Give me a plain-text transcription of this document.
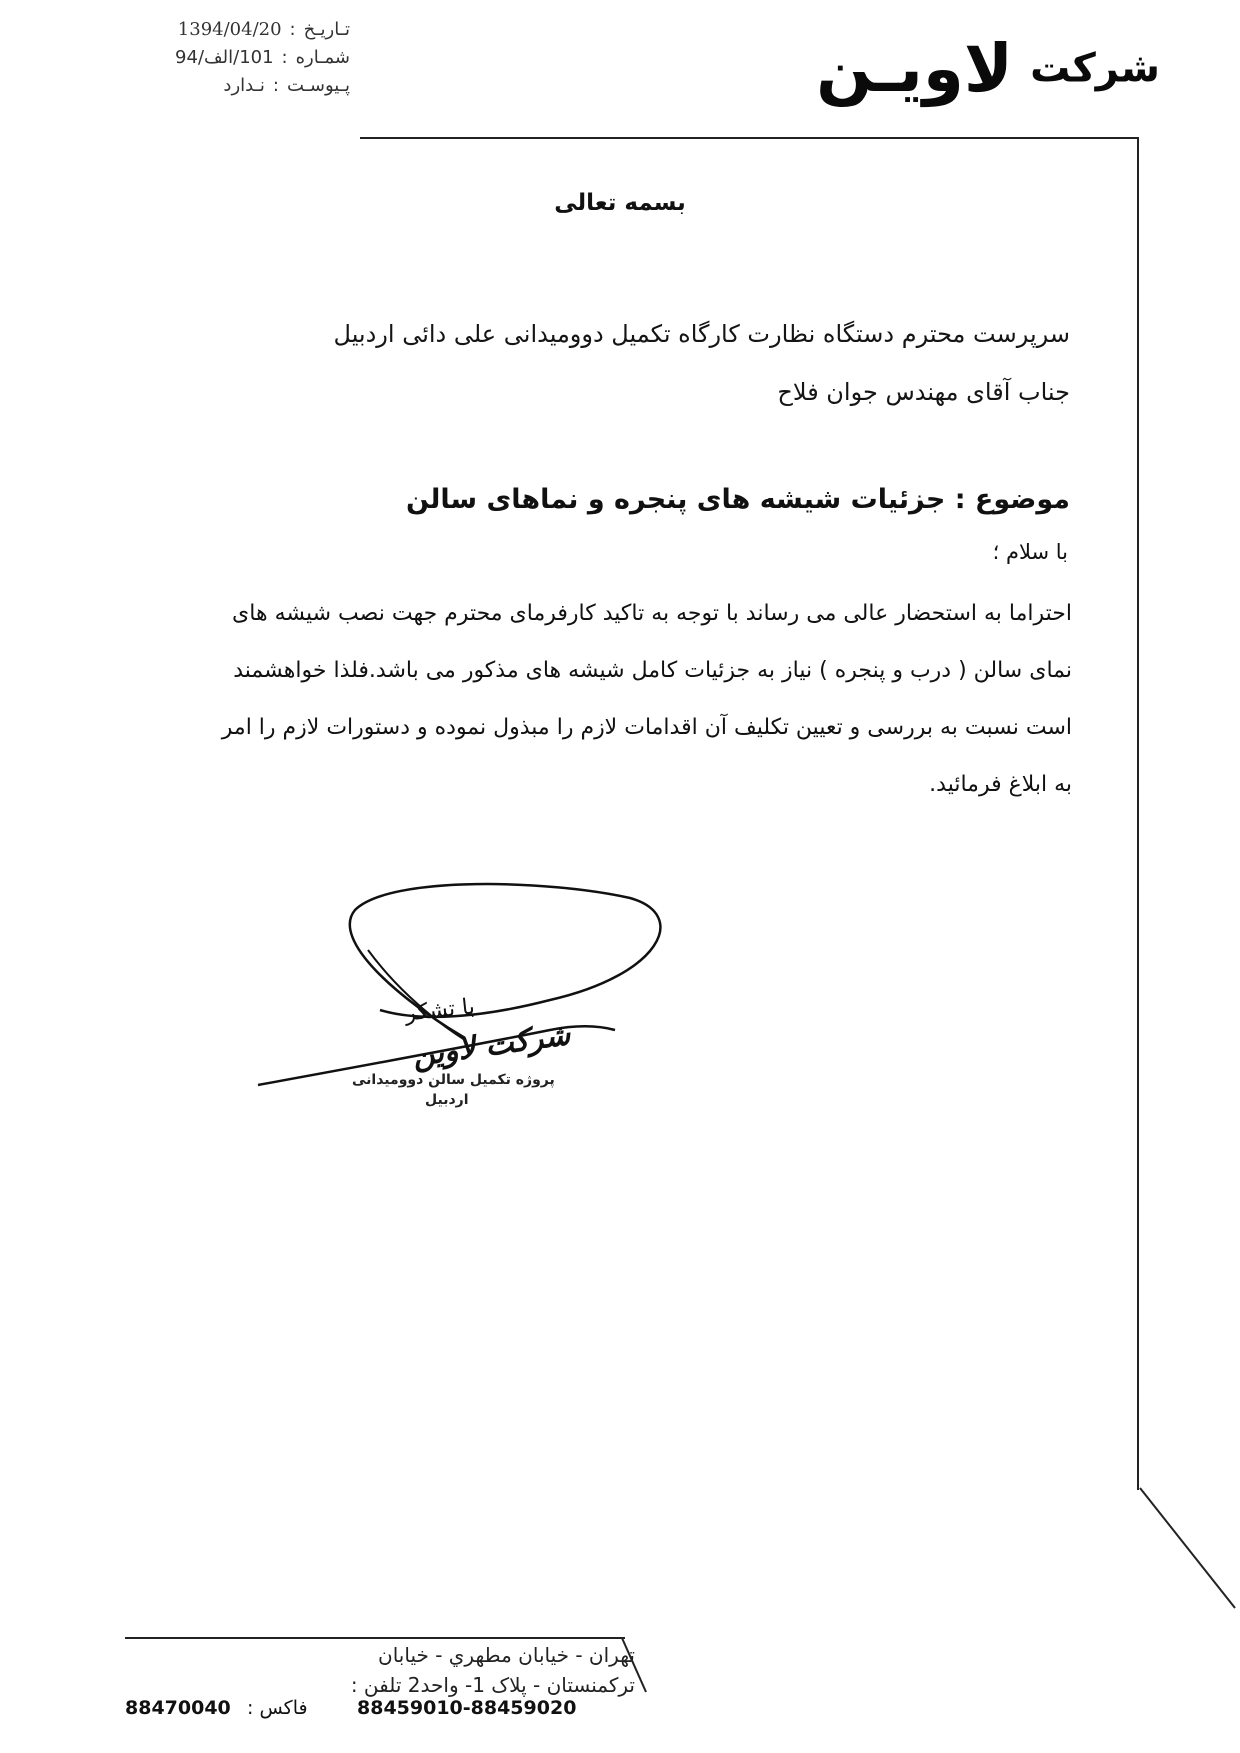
تـاریـخ
:
1394/04/20
شمـاره
:
101/الف/94
پـیوسـت
:
نـدارد	شرکت لاویـن
بسمه تعالی
سرپرست محترم دستگاه نظارت کارگاه تکمیل دوومیدانی علی دائی اردبیل
جناب آقای مهندس جوان فلاح
موضوع : جزئیات شیشه های پنجره و نماهای سالن
با سلام ؛
احتراما به استحضار عالی می رساند با توجه به تاکید کارفرمای محترم جهت نصب شیشه های
نمای سالن ( درب و پنجره ) نیاز به جزئیات کامل شیشه های مذکور می باشد.فلذا خواهشمند
است نسبت به بررسی و تعیین تکلیف آن اقدامات لازم را مبذول نموده و دستورات لازم را امر
به ابلاغ فرمائید.
با تشکر
شرکت لاوین
پروژه تکمیل سالن دوومیدانی
اردبیل
تهران - خیابان مطهري - خیابان
ترکمنستان - پلاک 1- واحد2 تلفن :
88470040 فاکس :	88459010-88459020
